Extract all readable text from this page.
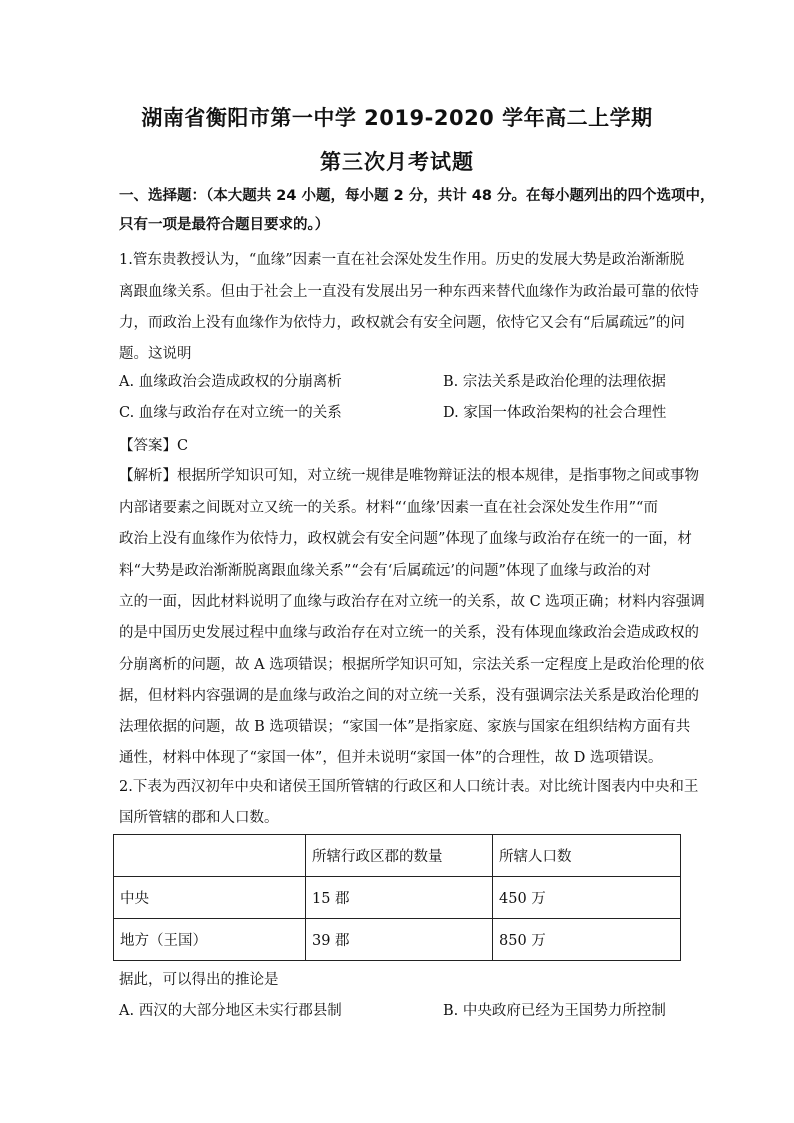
湖南省衡阳市第一中学 2019-2020 学年高二上学期
第三次月考试题
一、选择题：（本大题共 24 小题，每小题 2 分，共计 48 分。在每小题列出的四个选项中，
只有一项是最符合题目要求的。）
1.管东贵教授认为，“血缘”因素一直在社会深处发生作用。历史的发展大势是政治渐渐脱
离跟血缘关系。但由于社会上一直没有发展出另一种东西来替代血缘作为政治最可靠的依恃
力，而政治上没有血缘作为依恃力，政权就会有安全问题，依恃它又会有“后属疏远”的问
题。这说明
A. 血缘政治会造成政权的分崩离析	B. 宗法关系是政治伦理的法理依据
C. 血缘与政治存在对立统一的关系	D. 家国一体政治架构的社会合理性
【答案】C
【解析】根据所学知识可知，对立统一规律是唯物辩证法的根本规律，是指事物之间或事物
内部诸要素之间既对立又统一的关系。材料“‘血缘’因素一直在社会深处发生作用”“而
政治上没有血缘作为依恃力，政权就会有安全问题”体现了血缘与政治存在统一的一面，材
料“大势是政治渐渐脱离跟血缘关系”“会有‘后属疏远’的问题”体现了血缘与政治的对
立的一面，因此材料说明了血缘与政治存在对立统一的关系，故 C 选项正确；材料内容强调
的是中国历史发展过程中血缘与政治存在对立统一的关系，没有体现血缘政治会造成政权的
分崩离析的问题，故 A 选项错误；根据所学知识可知，宗法关系一定程度上是政治伦理的依
据，但材料内容强调的是血缘与政治之间的对立统一关系，没有强调宗法关系是政治伦理的
法理依据的问题，故 B 选项错误；“家国一体”是指家庭、家族与国家在组织结构方面有共
通性，材料中体现了“家国一体”，但并未说明“家国一体”的合理性，故 D 选项错误。
2.下表为西汉初年中央和诸侯王国所管辖的行政区和人口统计表。对比统计图表内中央和王
国所管辖的郡和人口数。
	所辖行政区郡的数量	所辖人口数
中央	15 郡	450 万
地方（王国）	39 郡	850 万
据此，可以得出的推论是
A. 西汉的大部分地区未实行郡县制	B. 中央政府已经为王国势力所控制
